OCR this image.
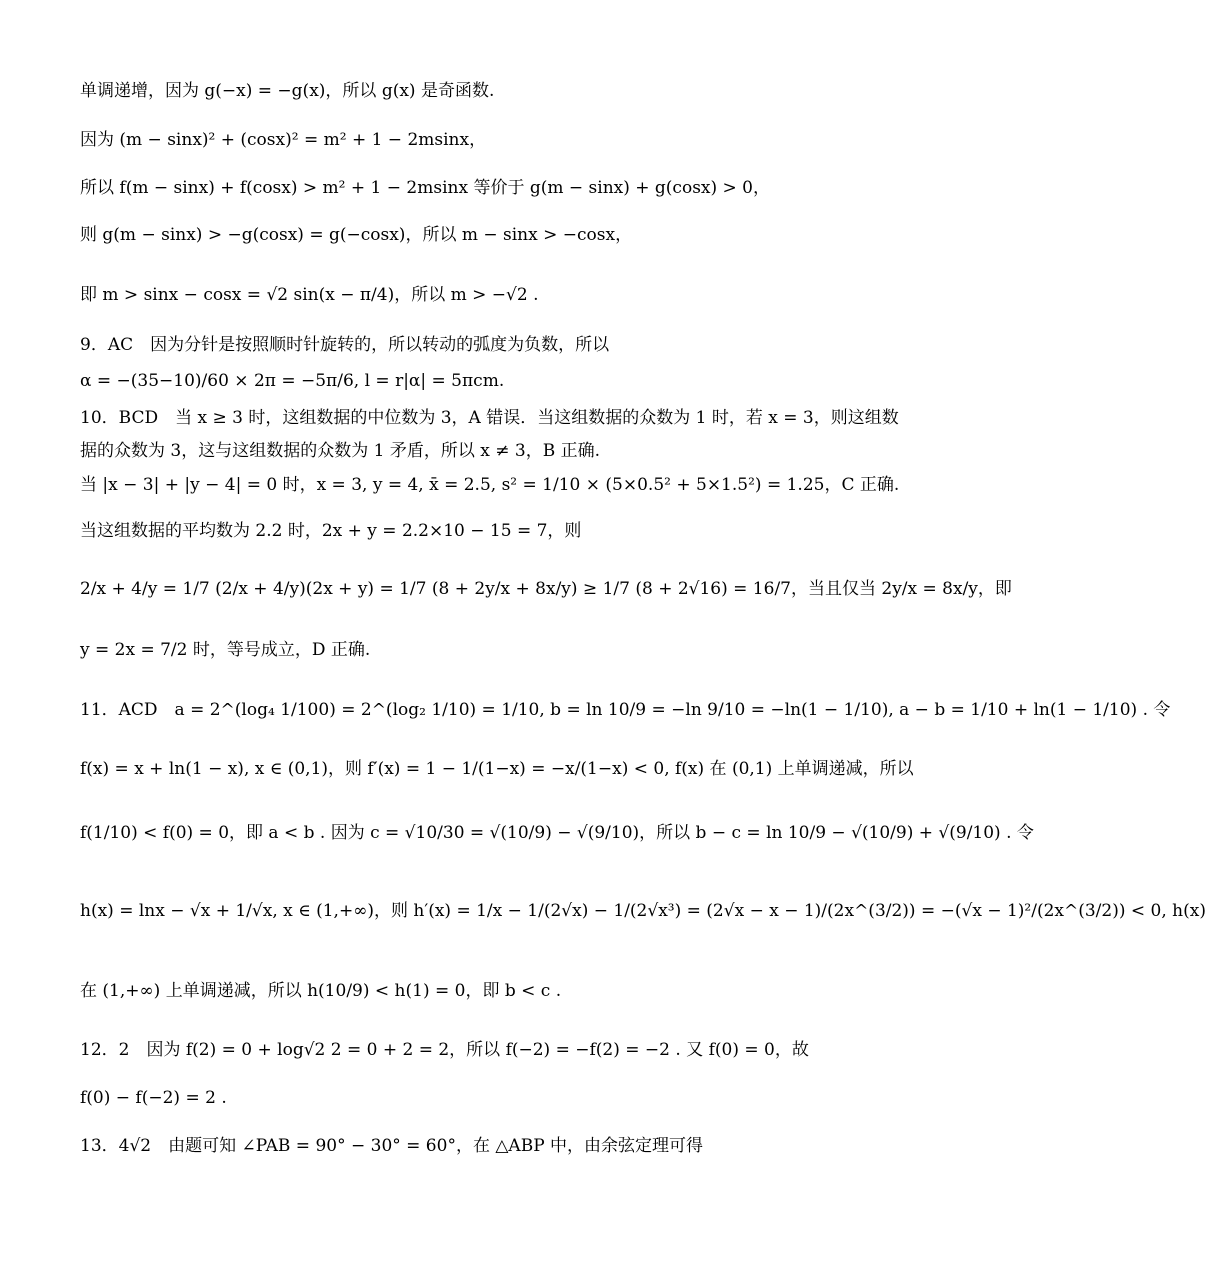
单调递增，因为 g(−x) = −g(x)，所以 g(x) 是奇函数.
因为 (m − sinx)² + (cosx)² = m² + 1 − 2msinx，
所以 f(m − sinx) + f(cosx) > m² + 1 − 2msinx 等价于 g(m − sinx) + g(cosx) > 0，
则 g(m − sinx) > −g(cosx) = g(−cosx)，所以 m − sinx > −cosx，
即 m > sinx − cosx = √2 sin(x − π/4)，所以 m > −√2 .
9．AC　因为分针是按照顺时针旋转的，所以转动的弧度为负数，所以
α = −(35−10)/60 × 2π = −5π/6, l = r|α| = 5πcm.
10．BCD　当 x ≥ 3 时，这组数据的中位数为 3，A 错误．当这组数据的众数为 1 时，若 x = 3，则这组数
据的众数为 3，这与这组数据的众数为 1 矛盾，所以 x ≠ 3，B 正确.
当 |x − 3| + |y − 4| = 0 时，x = 3, y = 4, x̄ = 2.5, s² = 1/10 × (5×0.5² + 5×1.5²) = 1.25，C 正确.
当这组数据的平均数为 2.2 时，2x + y = 2.2×10 − 15 = 7，则
2/x + 4/y = 1/7 (2/x + 4/y)(2x + y) = 1/7 (8 + 2y/x + 8x/y) ≥ 1/7 (8 + 2√16) = 16/7，当且仅当 2y/x = 8x/y，即
y = 2x = 7/2 时，等号成立，D 正确.
11．ACD　a = 2^(log₄ 1/100) = 2^(log₂ 1/10) = 1/10, b = ln 10/9 = −ln 9/10 = −ln(1 − 1/10), a − b = 1/10 + ln(1 − 1/10) . 令
f(x) = x + ln(1 − x), x ∈ (0,1)，则 f′(x) = 1 − 1/(1−x) = −x/(1−x) < 0, f(x) 在 (0,1) 上单调递减，所以
f(1/10) < f(0) = 0，即 a < b . 因为 c = √10/30 = √(10/9) − √(9/10)，所以 b − c = ln 10/9 − √(10/9) + √(9/10) . 令
h(x) = lnx − √x + 1/√x, x ∈ (1,+∞)，则 h′(x) = 1/x − 1/(2√x) − 1/(2√x³) = (2√x − x − 1)/(2x^(3/2)) = −(√x − 1)²/(2x^(3/2)) < 0, h(x)
在 (1,+∞) 上单调递减，所以 h(10/9) < h(1) = 0，即 b < c .
12．2　因为 f(2) = 0 + log√2 2 = 0 + 2 = 2，所以 f(−2) = −f(2) = −2 . 又 f(0) = 0，故
f(0) − f(−2) = 2 .
13．4√2　由题可知 ∠PAB = 90° − 30° = 60°，在 △ABP 中，由余弦定理可得
